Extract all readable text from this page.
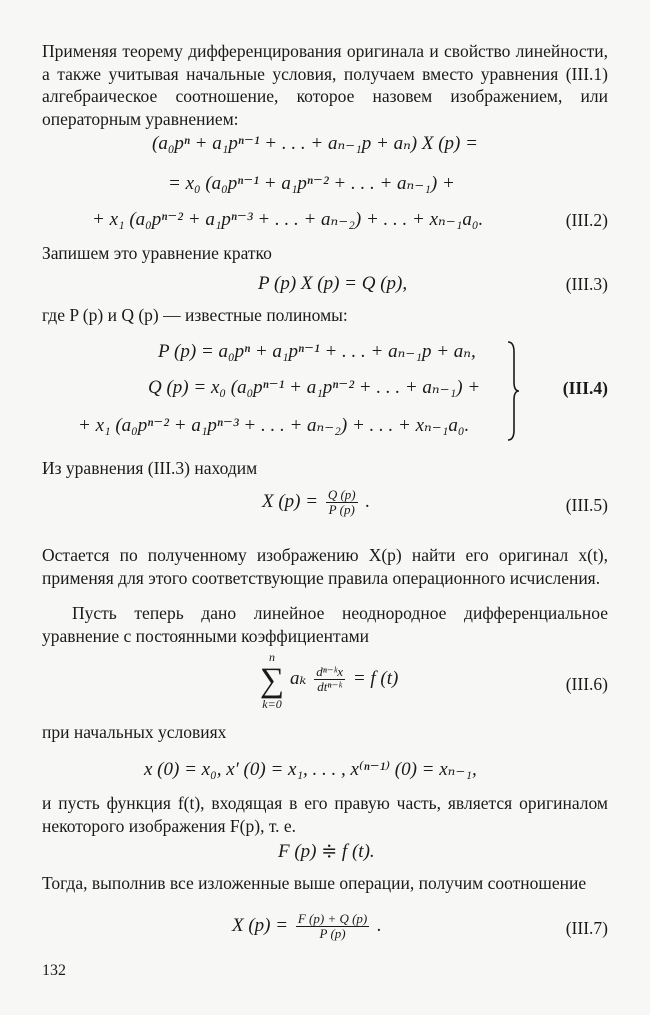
Применяя теорему дифференцирования оригинала и свойство линейности, а также учитывая начальные условия, получаем вместо уравнения (III.1) алгебраическое соотношение, которое назовем изображением, или операторным уравнением:
(a₀pⁿ + a₁pⁿ⁻¹ + . . . + aₙ₋₁p + aₙ) X (p) =
= x₀ (a₀pⁿ⁻¹ + a₁pⁿ⁻² + . . . + aₙ₋₁) +
+ x₁ (a₀pⁿ⁻² + a₁pⁿ⁻³ + . . . + aₙ₋₂) + . . . + xₙ₋₁a₀.	(III.2)
Запишем это уравнение кратко
P (p) X (p) = Q (p),	(III.3)
где P (p) и Q (p) — известные полиномы:
P (p) = a₀pⁿ + a₁pⁿ⁻¹ + . . . + aₙ₋₁p + aₙ,
Q (p) = x₀ (a₀pⁿ⁻¹ + a₁pⁿ⁻² + . . . + aₙ₋₁) +
+ x₁ (a₀pⁿ⁻² + a₁pⁿ⁻³ + . . . + aₙ₋₂) + . . . + xₙ₋₁a₀.
(III.4)
Из уравнения (III.3) находим
X $(p) = \frac{Q (p)}{P (p)}$ .	(III.5)
Остается по полученному изображению X(p) найти его оригинал x(t), применяя для этого соответствующие правила операционного исчисления.
Пусть теперь дано линейное неоднородное дифференциальное уравнение с постоянными коэффициентами
n
∑
k=0
aₖ $\frac{\text{dⁿ⁻ᵏx}}{\text{dtⁿ⁻ᵏ}} = f$ (t)	(III.6)
при начальных условиях
x (0) = x₀, x′ (0) = x₁, . . . , x⁽ⁿ⁻¹⁾ (0) = xₙ₋₁,
и пусть функция f(t), входящая в его правую часть, является оригиналом некоторого изображения F(p), т. е.
F (p) ≑ f (t).
Тогда, выполнив все изложенные выше операции, получим соотношение
X $(p) = \frac{F (p) + Q (p)}{P (p)}$ .	(III.7)
132
